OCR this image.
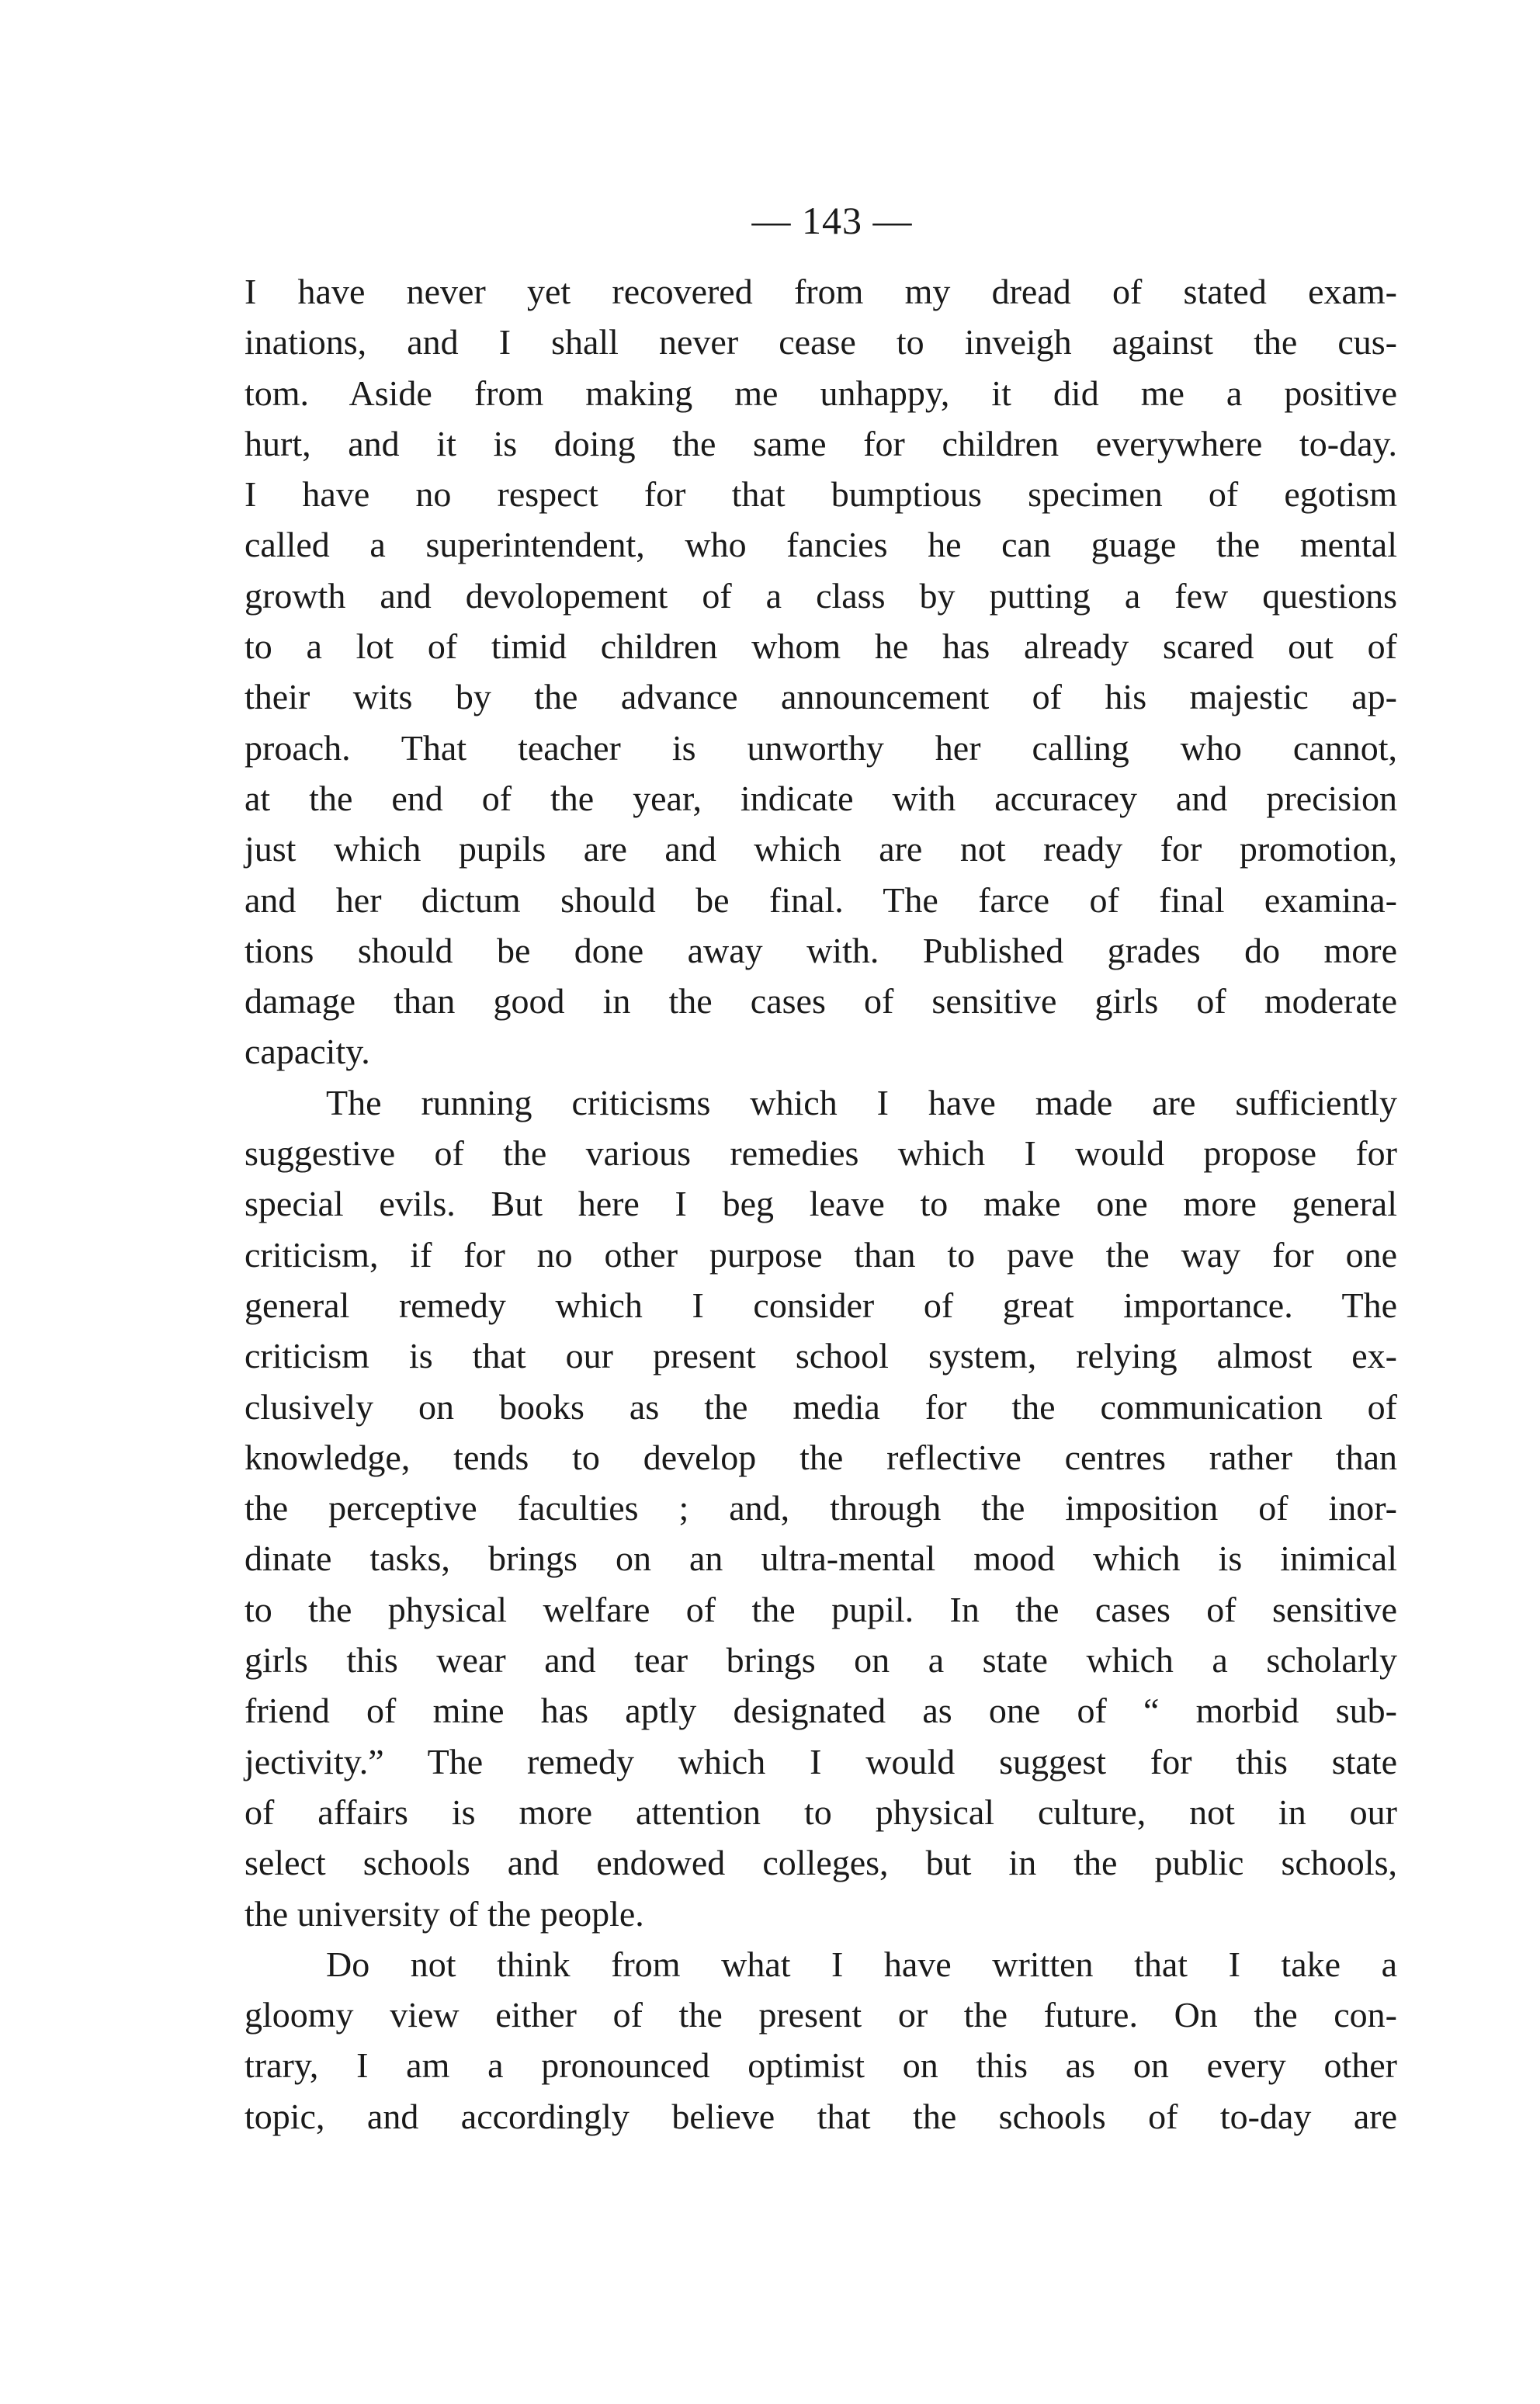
— 143 —
I have never yet recovered from my dread of stated exam-
inations, and I shall never cease to inveigh against the cus-
tom. Aside from making me unhappy, it did me a positive
hurt, and it is doing the same for children everywhere to-day.
I have no respect for that bumptious specimen of egotism
called a superintendent, who fancies he can guage the mental
growth and devolopement of a class by putting a few questions
to a lot of timid children whom he has already scared out of
their wits by the advance announcement of his majestic ap-
proach. That teacher is unworthy her calling who cannot,
at the end of the year, indicate with accuracey and precision
just which pupils are and which are not ready for promotion,
and her dictum should be final. The farce of final examina-
tions should be done away with. Published grades do more
damage than good in the cases of sensitive girls of moderate
capacity.
The running criticisms which I have made are sufficiently
suggestive of the various remedies which I would propose for
special evils. But here I beg leave to make one more general
criticism, if for no other purpose than to pave the way for one
general remedy which I consider of great importance. The
criticism is that our present school system, relying almost ex-
clusively on books as the media for the communication of
knowledge, tends to develop the reflective centres rather than
the perceptive faculties ; and, through the imposition of inor-
dinate tasks, brings on an ultra-mental mood which is inimical
to the physical welfare of the pupil. In the cases of sensitive
girls this wear and tear brings on a state which a scholarly
friend of mine has aptly designated as one of “ morbid sub-
jectivity.” The remedy which I would suggest for this state
of affairs is more attention to physical culture, not in our
select schools and endowed colleges, but in the public schools,
the university of the people.
Do not think from what I have written that I take a
gloomy view either of the present or the future. On the con-
trary, I am a pronounced optimist on this as on every other
topic, and accordingly believe that the schools of to-day are
